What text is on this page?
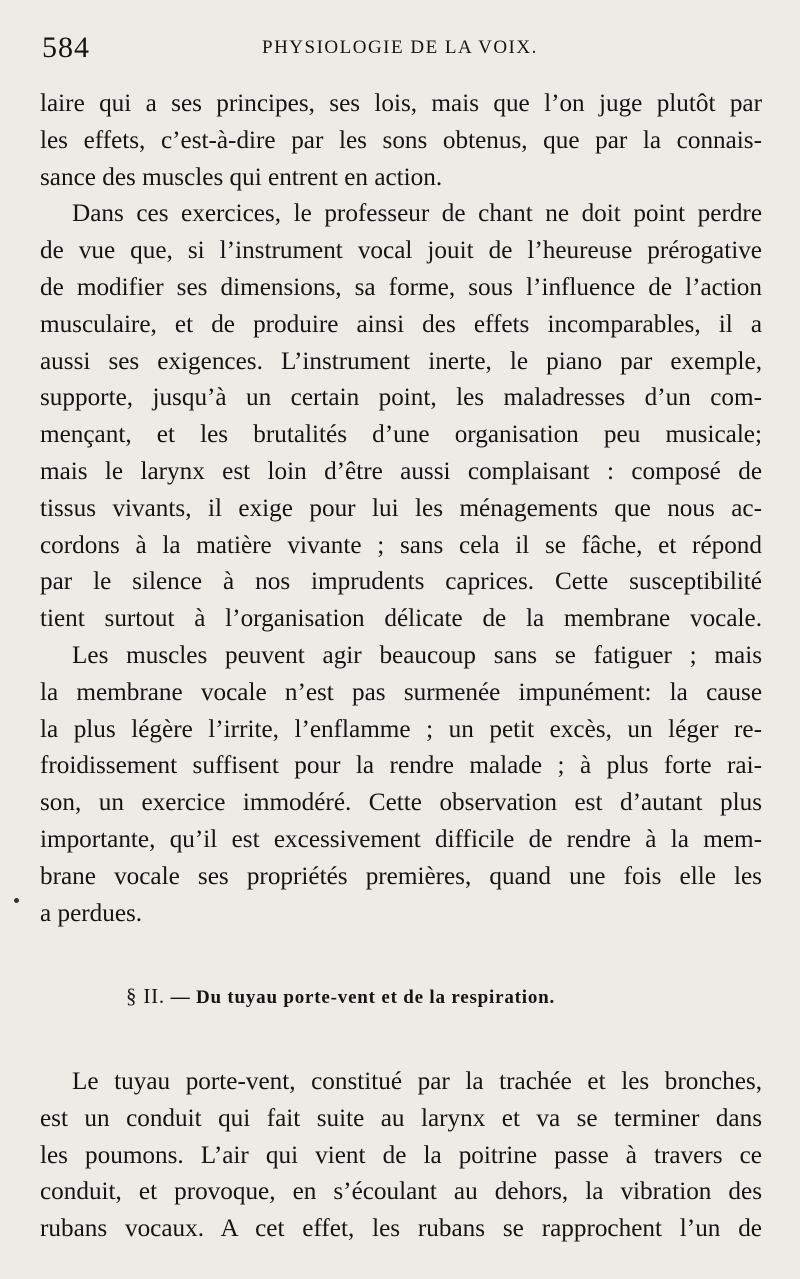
584	PHYSIOLOGIE DE LA VOIX.
laire qui a ses principes, ses lois, mais que l’on juge plutôt par
les effets, c’est-à-dire par les sons obtenus, que par la connais-
sance des muscles qui entrent en action.
Dans ces exercices, le professeur de chant ne doit point perdre
de vue que, si l’instrument vocal jouit de l’heureuse prérogative
de modifier ses dimensions, sa forme, sous l’influence de l’action
musculaire, et de produire ainsi des effets incomparables, il a
aussi ses exigences. L’instrument inerte, le piano par exemple,
supporte, jusqu’à un certain point, les maladresses d’un com-
mençant, et les brutalités d’une organisation peu musicale;
mais le larynx est loin d’être aussi complaisant : composé de
tissus vivants, il exige pour lui les ménagements que nous ac-
cordons à la matière vivante ; sans cela il se fâche, et répond
par le silence à nos imprudents caprices. Cette susceptibilité
tient surtout à l’organisation délicate de la membrane vocale.
Les muscles peuvent agir beaucoup sans se fatiguer ; mais
la membrane vocale n’est pas surmenée impunément: la cause
la plus légère l’irrite, l’enflamme ; un petit excès, un léger re-
froidissement suffisent pour la rendre malade ; à plus forte rai-
son, un exercice immodéré. Cette observation est d’autant plus
importante, qu’il est excessivement difficile de rendre à la mem-
brane vocale ses propriétés premières, quand une fois elle les
a perdues.
§ II. — Du tuyau porte-vent et de la respiration.
Le tuyau porte-vent, constitué par la trachée et les bronches,
est un conduit qui fait suite au larynx et va se terminer dans
les poumons. L’air qui vient de la poitrine passe à travers ce
conduit, et provoque, en s’écoulant au dehors, la vibration des
rubans vocaux. A cet effet, les rubans se rapprochent l’un de
